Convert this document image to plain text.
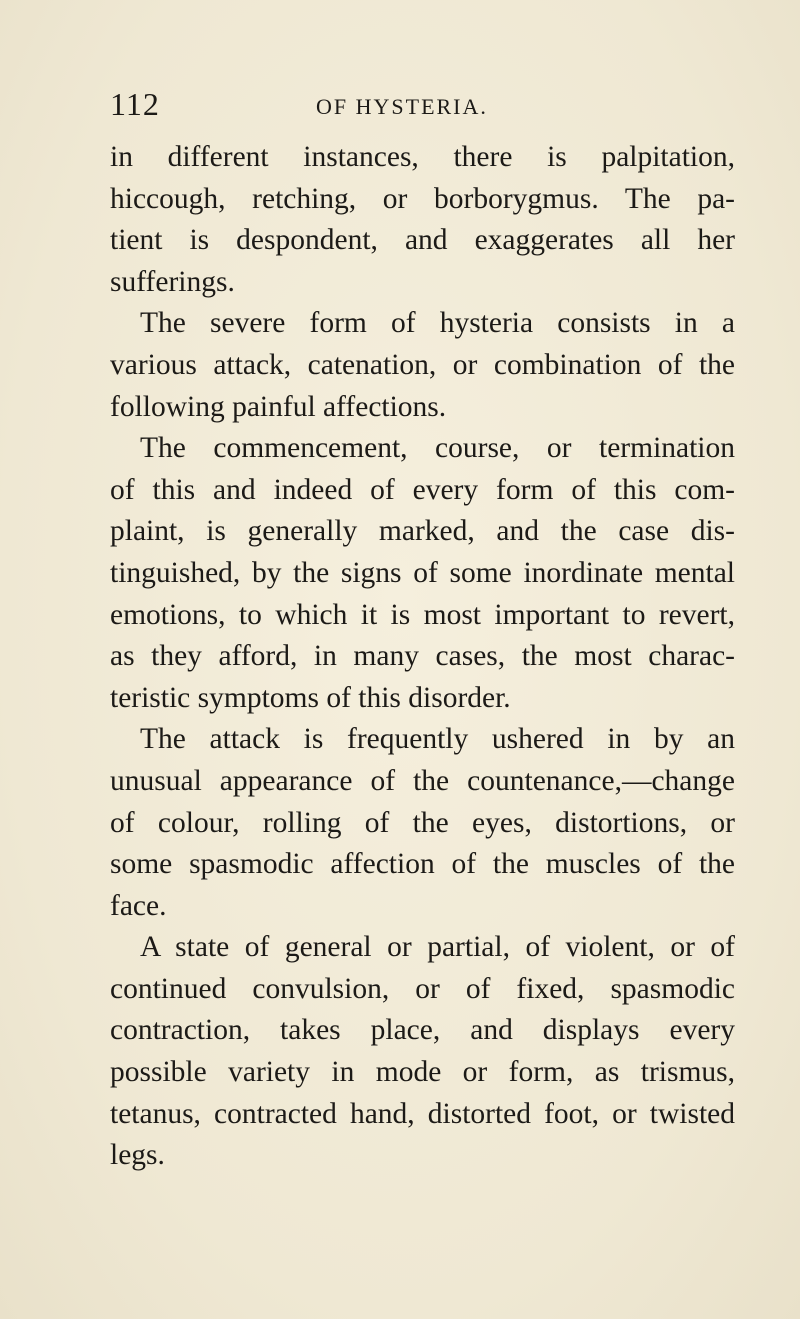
112	OF HYSTERIA.
in different instances, there is palpitation,
hiccough, retching, or borborygmus. The pa-
tient is despondent, and exaggerates all her
sufferings.
The severe form of hysteria consists in a
various attack, catenation, or combination of the
following painful affections.
The commencement, course, or termination
of this and indeed of every form of this com-
plaint, is generally marked, and the case dis-
tinguished, by the signs of some inordinate mental
emotions, to which it is most important to revert,
as they afford, in many cases, the most charac-
teristic symptoms of this disorder.
The attack is frequently ushered in by an
unusual appearance of the countenance,—change
of colour, rolling of the eyes, distortions, or
some spasmodic affection of the muscles of the
face.
A state of general or partial, of violent, or of
continued convulsion, or of fixed, spasmodic
contraction, takes place, and displays every
possible variety in mode or form, as trismus,
tetanus, contracted hand, distorted foot, or twisted
legs.
